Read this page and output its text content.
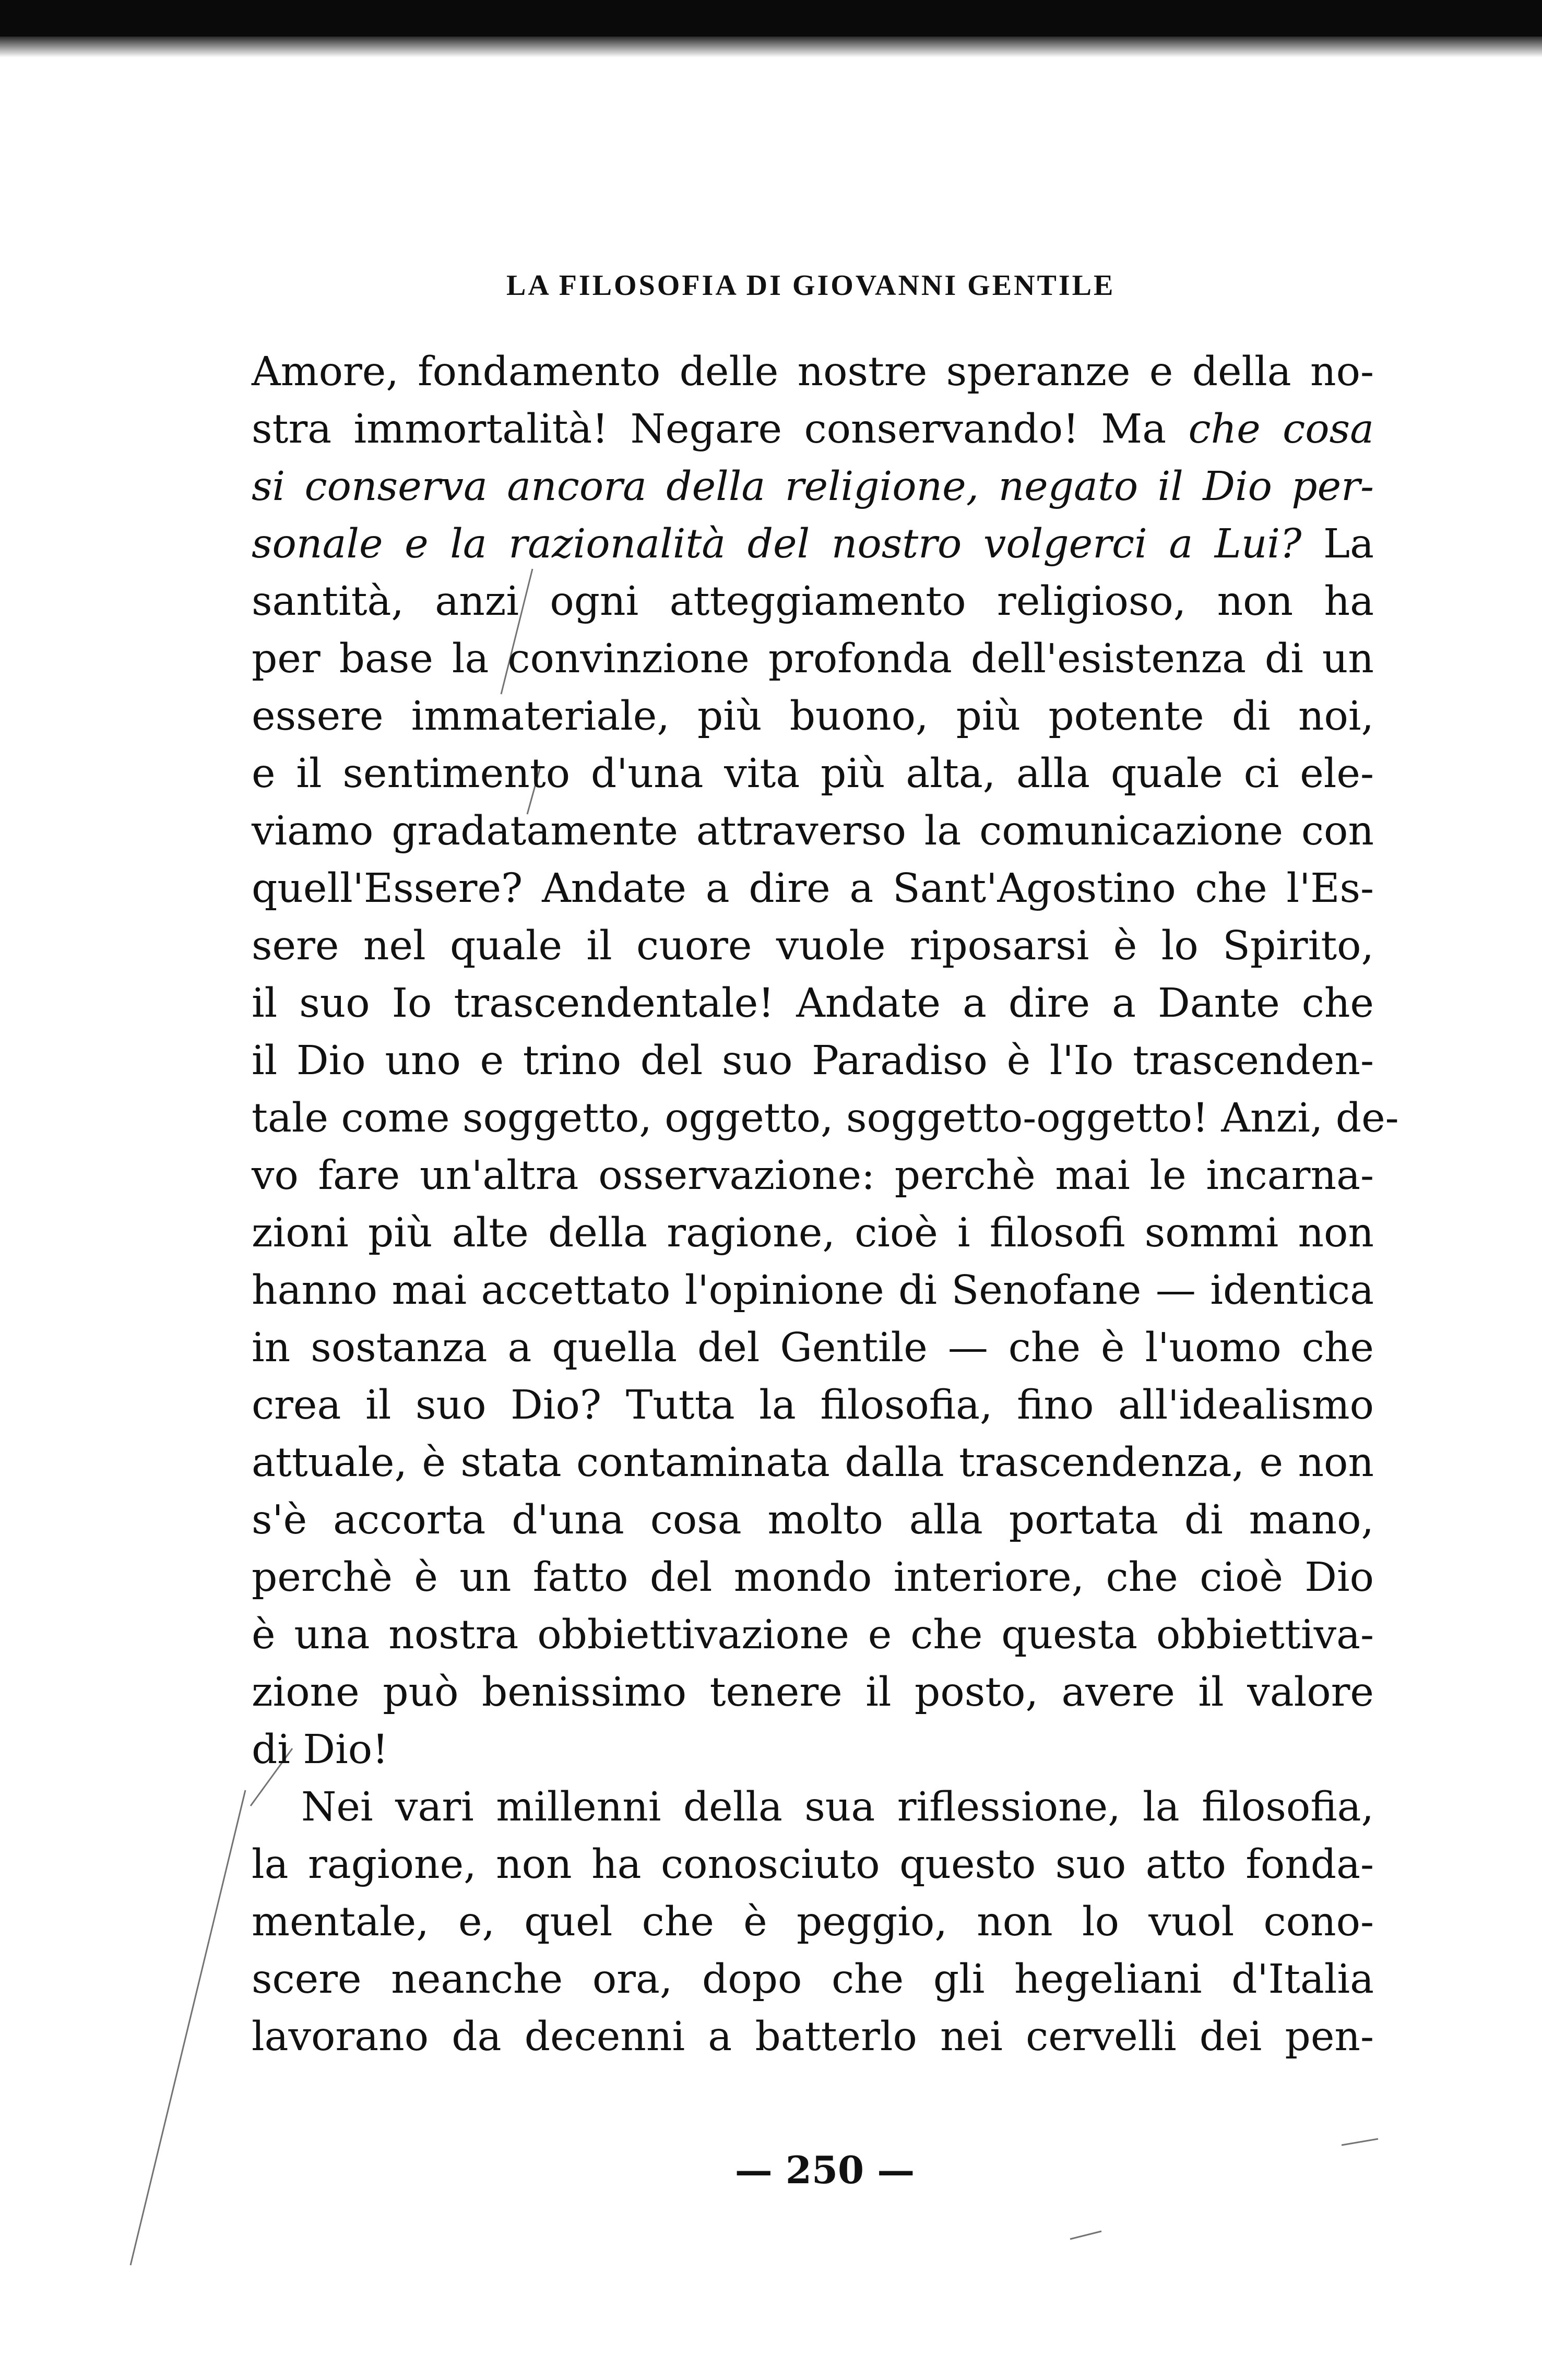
LA FILOSOFIA DI GIOVANNI GENTILE
Amore, fondamento delle nostre speranze e della no-
stra immortalità! Negare conservando! Ma che cosa
si conserva ancora della religione, negato il Dio per-
sonale e la razionalità del nostro volgerci a Lui? La
santità, anzi ogni atteggiamento religioso, non ha
per base la convinzione profonda dell'esistenza di un
essere immateriale, più buono, più potente di noi,
e il sentimento d'una vita più alta, alla quale ci ele-
viamo gradatamente attraverso la comunicazione con
quell'Essere? Andate a dire a Sant'Agostino che l'Es-
sere nel quale il cuore vuole riposarsi è lo Spirito,
il suo Io trascendentale! Andate a dire a Dante che
il Dio uno e trino del suo Paradiso è l'Io trascenden-
tale come soggetto, oggetto, soggetto-oggetto! Anzi, de-
vo fare un'altra osservazione: perchè mai le incarna-
zioni più alte della ragione, cioè i filosofi sommi non
hanno mai accettato l'opinione di Senofane — identica
in sostanza a quella del Gentile — che è l'uomo che
crea il suo Dio? Tutta la filosofia, fino all'idealismo
attuale, è stata contaminata dalla trascendenza, e non
s'è accorta d'una cosa molto alla portata di mano,
perchè è un fatto del mondo interiore, che cioè Dio
è una nostra obbiettivazione e che questa obbiettiva-
zione può benissimo tenere il posto, avere il valore
di Dio!
Nei vari millenni della sua riflessione, la filosofia,
la ragione, non ha conosciuto questo suo atto fonda-
mentale, e, quel che è peggio, non lo vuol cono-
scere neanche ora, dopo che gli hegeliani d'Italia
lavorano da decenni a batterlo nei cervelli dei pen-
— 250 —
